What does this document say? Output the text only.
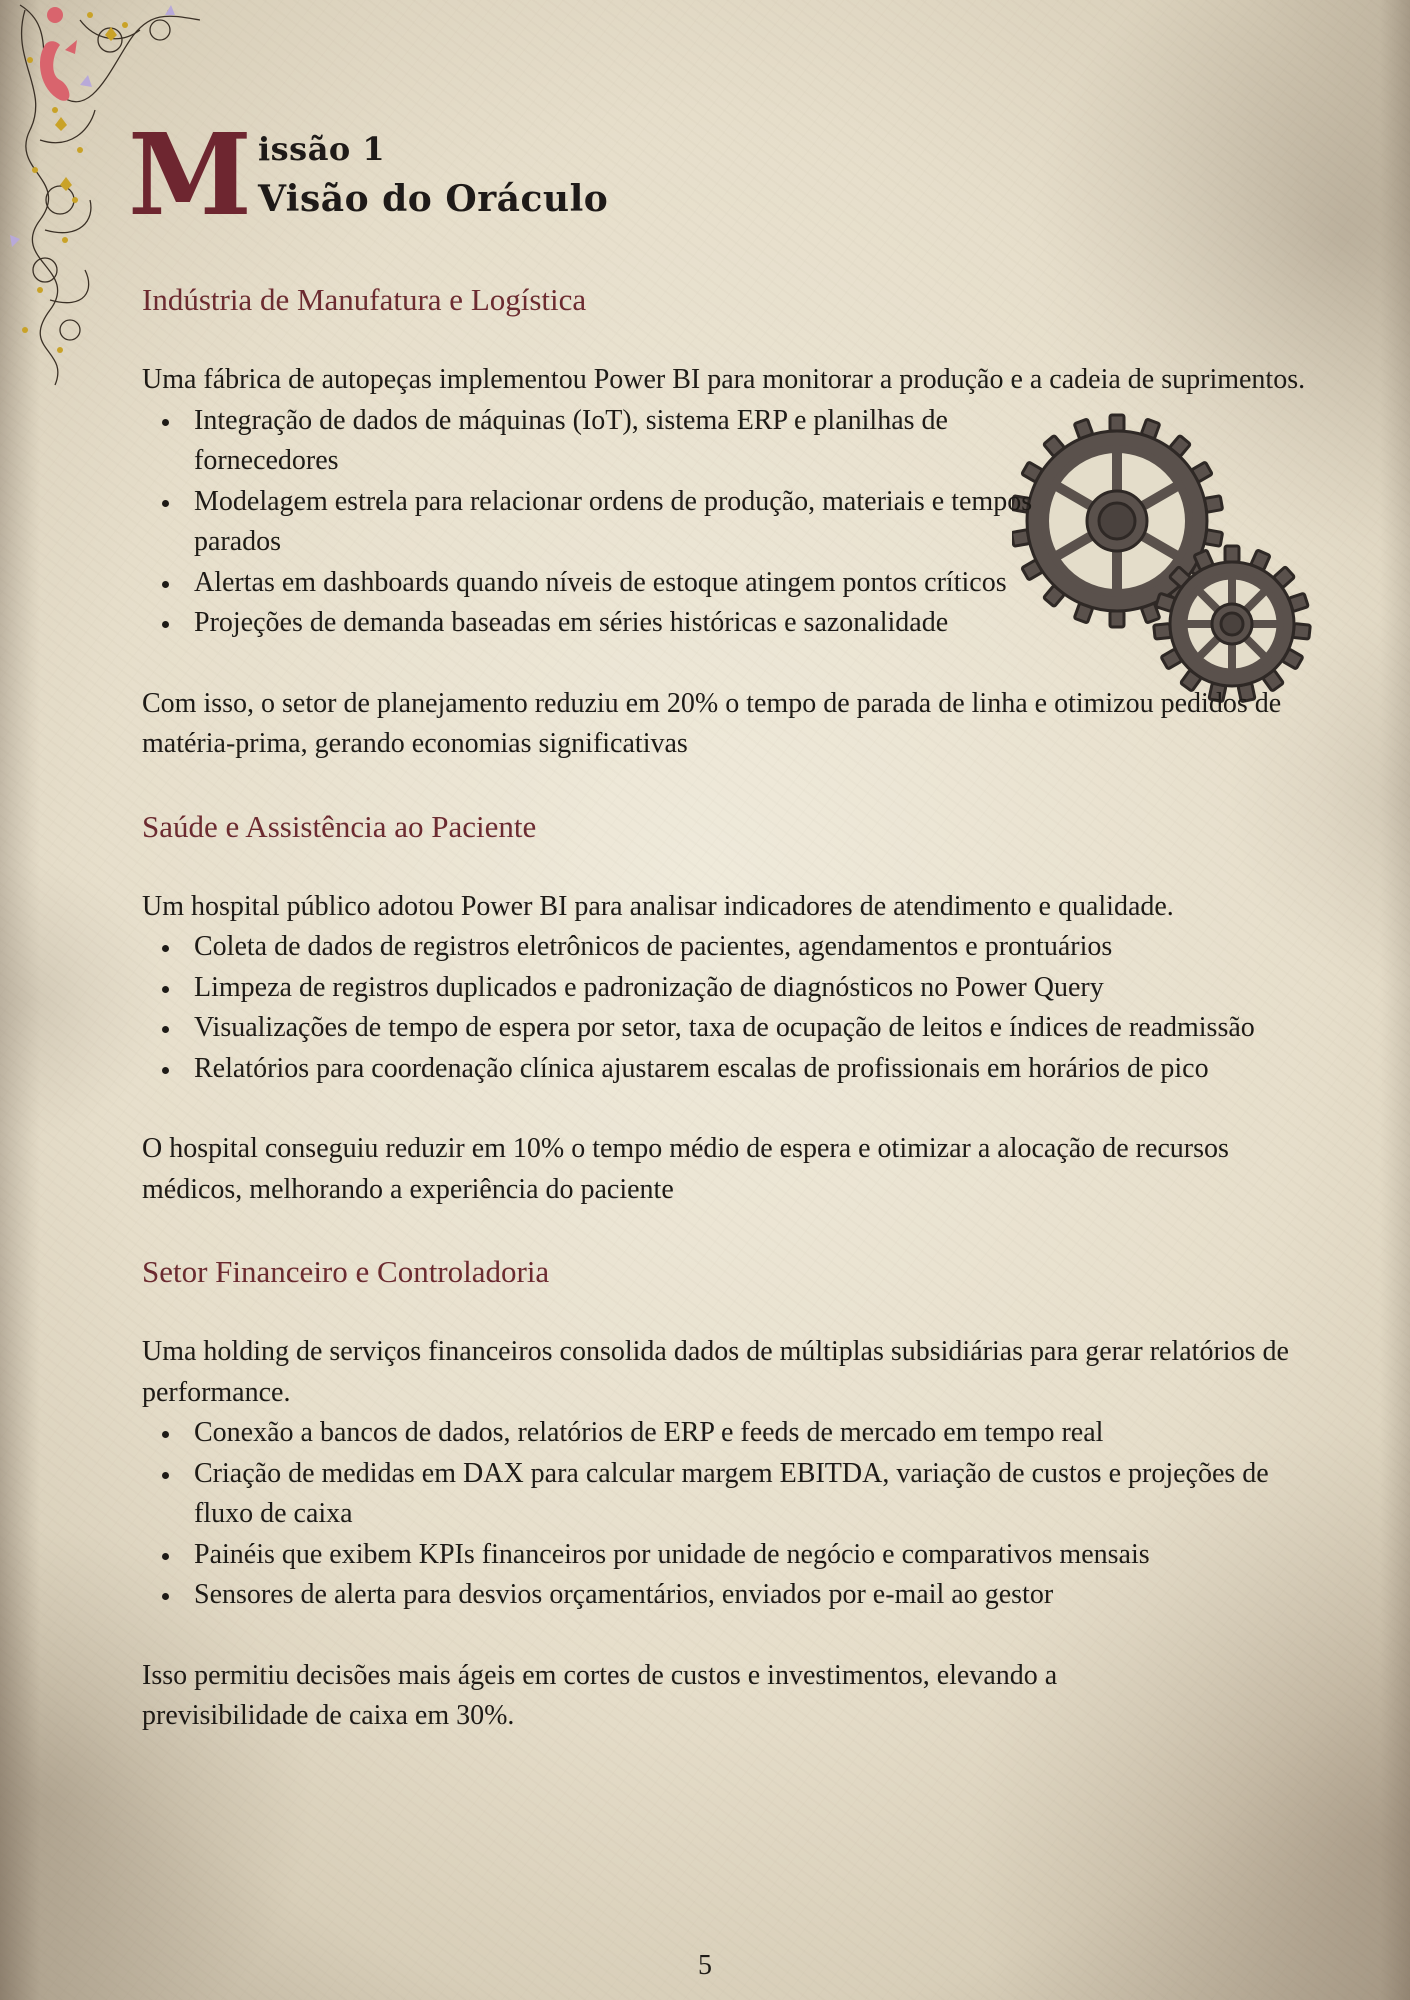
M issão 1
Visão do Oráculo
Indústria de Manufatura e Logística

Uma fábrica de autopeças implementou Power BI para monitorar a produção e a cadeia de suprimentos.

Integração de dados de máquinas (IoT), sistema ERP e planilhas de fornecedores
Modelagem estrela para relacionar ordens de produção, materiais e tempos parados
Alertas em dashboards quando níveis de estoque atingem pontos críticos
Projeções de demanda baseadas em séries históricas e sazonalidade

Com isso, o setor de planejamento reduziu em 20% o tempo de parada de linha e otimizou pedidos de matéria-prima, gerando economias significativas

Saúde e Assistência ao Paciente

Um hospital público adotou Power BI para analisar indicadores de atendimento e qualidade.

Coleta de dados de registros eletrônicos de pacientes, agendamentos e prontuários
Limpeza de registros duplicados e padronização de diagnósticos no Power Query
Visualizações de tempo de espera por setor, taxa de ocupação de leitos e índices de readmissão
Relatórios para coordenação clínica ajustarem escalas de profissionais em horários de pico

O hospital conseguiu reduzir em 10% o tempo médio de espera e otimizar a alocação de recursos médicos, melhorando a experiência do paciente

Setor Financeiro e Controladoria

Uma holding de serviços financeiros consolida dados de múltiplas subsidiárias para gerar relatórios de performance.

Conexão a bancos de dados, relatórios de ERP e feeds de mercado em tempo real
Criação de medidas em DAX para calcular margem EBITDA, variação de custos e projeções de fluxo de caixa
Painéis que exibem KPIs financeiros por unidade de negócio e comparativos mensais
Sensores de alerta para desvios orçamentários, enviados por e-mail ao gestor

Isso permitiu decisões mais ágeis em cortes de custos e investimentos, elevando a previsibilidade de caixa em 30%.

5
